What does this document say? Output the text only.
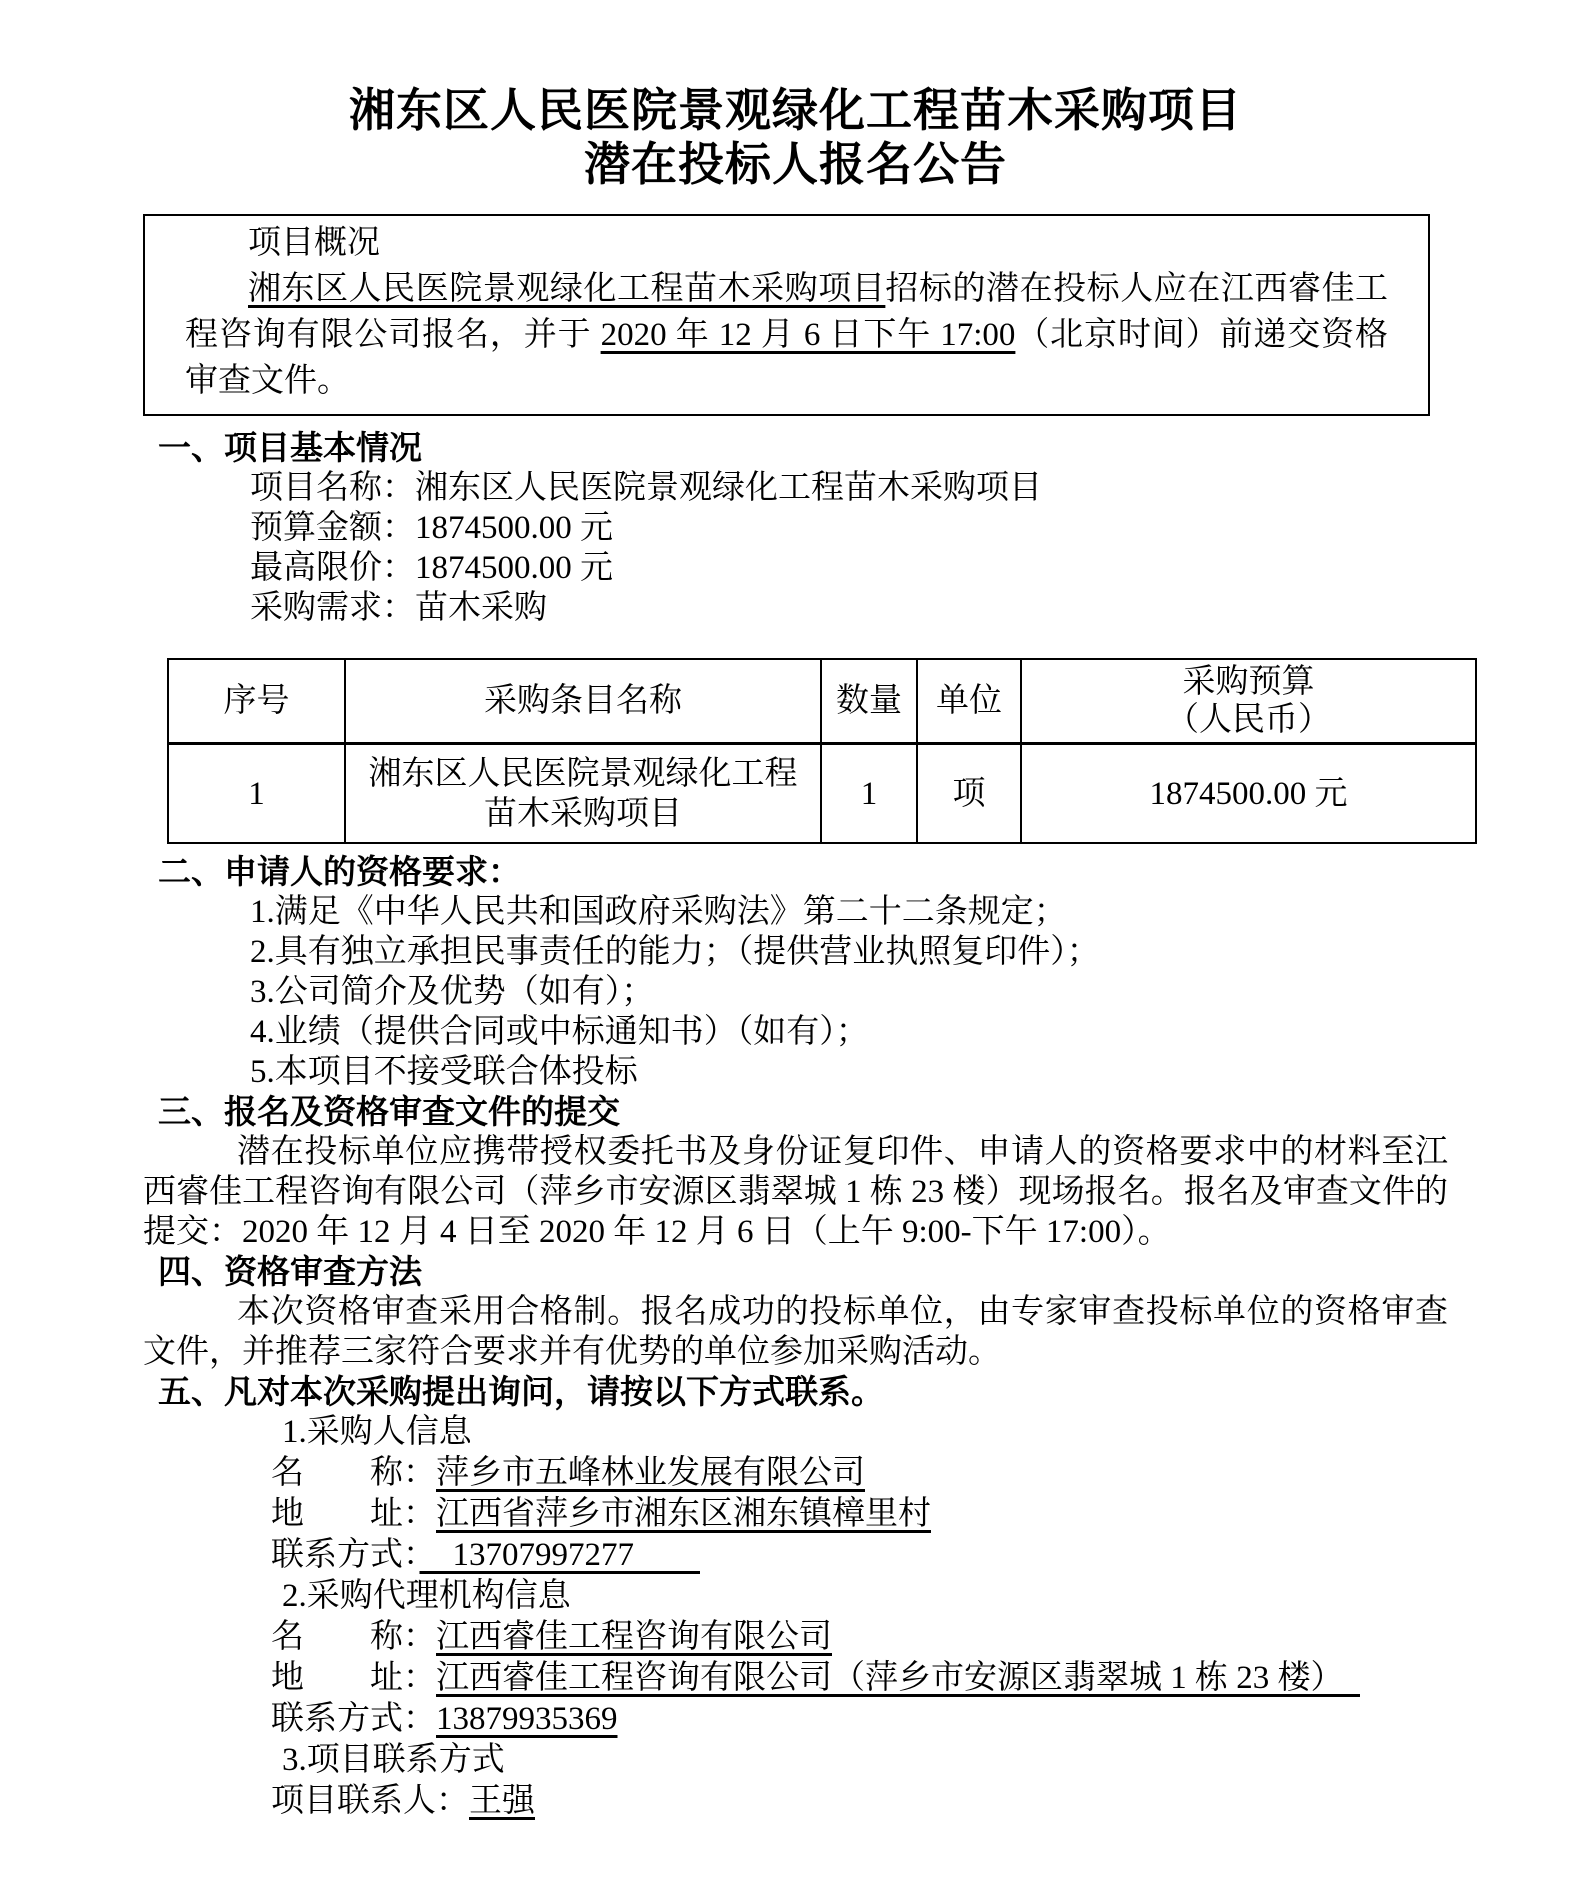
湘东区人民医院景观绿化工程苗木采购项目
潜在投标人报名公告
项目概况

湘东区人民医院景观绿化工程苗木采购项目招标的潜在投标人应在江西睿佳工程咨询有限公司报名，并于 2020 年 12 月 6 日下午 17:00（北京时间）前递交资格审查文件。

一、项目基本情况
项目名称：湘东区人民医院景观绿化工程苗木采购项目
预算金额：1874500.00 元
最高限价：1874500.00 元
采购需求：苗木采购
序号	采购条目名称	数量	单位	采购预算
（人民币）

1	湘东区人民医院景观绿化工程
苗木采购项目	1	项	1874500.00 元
二、申请人的资格要求：
1.满足《中华人民共和国政府采购法》第二十二条规定；
2.具有独立承担民事责任的能力；（提供营业执照复印件）；
3.公司简介及优势（如有）；
4.业绩（提供合同或中标通知书）（如有）；
5.本项目不接受联合体投标
三、报名及资格审查文件的提交
潜在投标单位应携带授权委托书及身份证复印件、申请人的资格要求中的材料至江西睿佳工程咨询有限公司（萍乡市安源区翡翠城 1 栋 23 楼）现场报名。报名及审查文件的提交：2020 年 12 月 4 日至 2020 年 12 月 6 日（上午 9:00-下午 17:00）。
四、资格审查方法
本次资格审查采用合格制。报名成功的投标单位，由专家审查投标单位的资格审查文件，并推荐三家符合要求并有优势的单位参加采购活动。
五、凡对本次采购提出询问，请按以下方式联系。
1.采购人信息
名　　称：萍乡市五峰林业发展有限公司
地　　址：江西省萍乡市湘东区湘东镇樟里村
联系方式：　13707997277　　
2.采购代理机构信息
名　　称：江西睿佳工程咨询有限公司
地　　址：江西睿佳工程咨询有限公司（萍乡市安源区翡翠城 1 栋 23 楼）　
联系方式：13879935369
3.项目联系方式
项目联系人：王强
